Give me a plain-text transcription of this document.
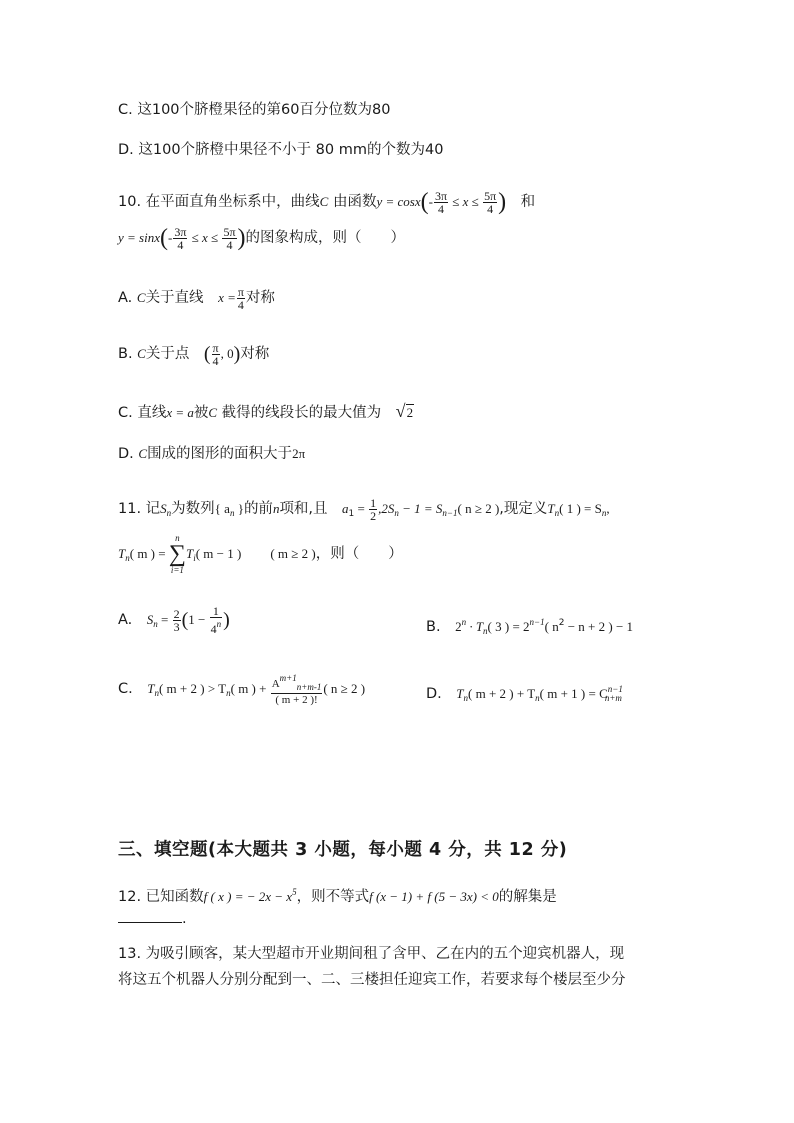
C. 这100个脐橙果径的第60百分位数为80
D. 这100个脐橙中果径不小于 80 mm的个数为40
10. 在平面直角坐标系中，曲线C 由函数$y = \cos x(- \frac{3\pi}{4} \le x \le \frac{5\pi}{4}$ )　 和
$y = \sin x(- \frac{3\pi}{4} \le x \le \frac{5\pi}{4}$ )的图象构成，则（　　）
A. C关于直线　 $x = \frac{\pi}{4}$ 对称
B. C关于点　 ( $\frac{\pi}{4}$ , 0)对称
C. 直线x = a被C 截得的线段长的最大值为　 √2
D. C围成的图形的面积大于2π
11. 记$S_n$为数列{ $a_n$ }的前n项和,且　 $a_1 = \frac{1}{2} ,2S_n - 1 = S_{n-1}$( n ≥ 2 ),现定义$T_n$( 1 ) = $S_n$,
$T_n$( m ) =
n
∑
i=1
$T_i$( m − 1 )　　 ( m ≥ 2 )，则（　　）
A.　 $S_n = \frac{2}{3} (1 - \frac{1}{4^n}$ )	B.　 $2^n \cdot T_n$( 3 ) = $2^{n-1}$( $n^2 - n + 2$ ) − 1
C.　 $T_n$( m + 2 ) > $T_n$( m ) + $\frac{A^{m+1}_{n+m-1}}{( m + 2 )!}$ ( n ≥ 2 )	D.　 $T_n$( m + 2 ) + $T_n$( m + 1 ) = $C^{n-1}_{n+m}$
三、填空题(本大题共 3 小题，每小题 4 分，共 12 分)
12. 已知函数f ( x ) = − $2x - x^5$，则不等式f (x − 1) + f (5 − 3x) < 0的解集是
.
13. 为吸引顾客，某大型超市开业期间租了含甲、乙在内的五个迎宾机器人，现
将这五个机器人分别分配到一、二、三楼担任迎宾工作，若要求每个楼层至少分
